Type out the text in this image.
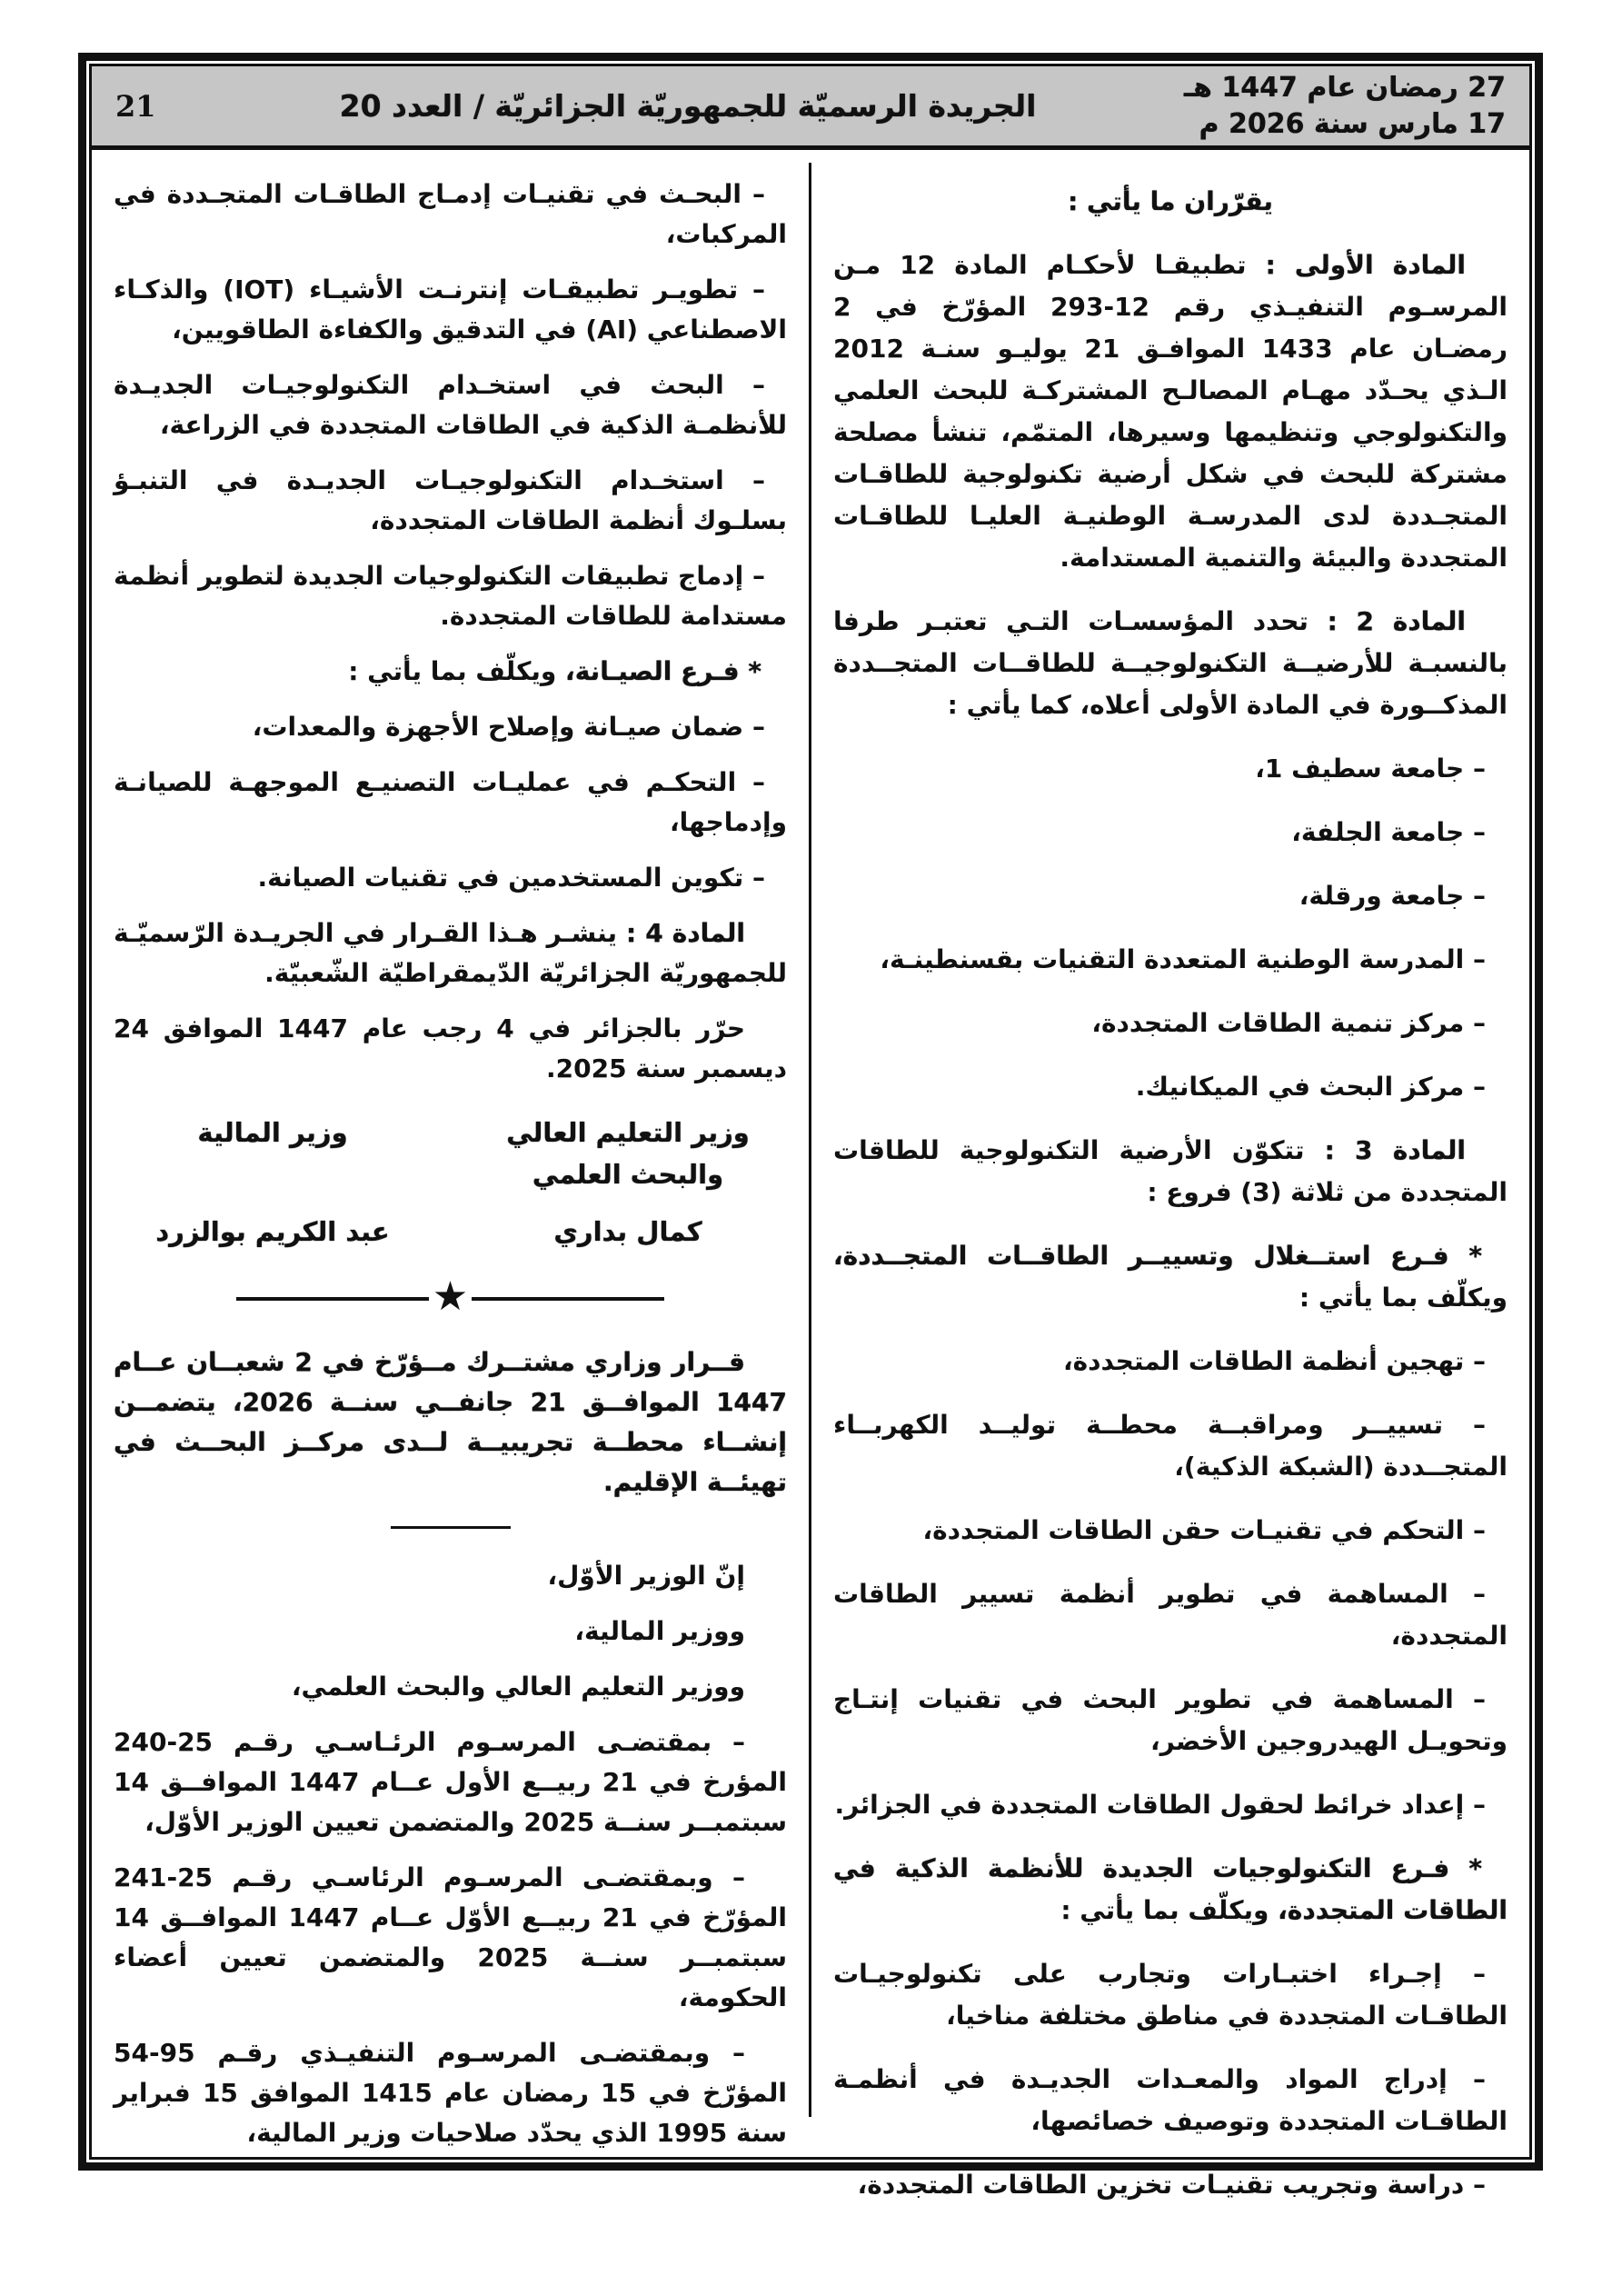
27 رمضان عام 1447 هـ
17 مارس سنة 2026 م
الجريدة الرسميّة للجمهوريّة الجزائريّة / العدد 20
21

يقرّران ما يأتي :

المادة الأولى : تطبيقـا لأحكـام المادة 12 مـن المرسـوم التنفيـذي رقم 12-293 المؤرّخ في 2 رمضـان عام 1433 الموافـق 21 يوليـو سنـة 2012 الـذي يحـدّد مهـام المصالـح المشتركـة للبحث العلمي والتكنولوجي وتنظيمها وسيرها، المتمّم، تنشأ مصلحة مشتركة للبحث في شكل أرضية تكنولوجية للطاقـات المتجـددة لدى المدرسـة الوطنيـة العليـا للطاقـات المتجددة والبيئة والتنمية المستدامة.

المادة 2 : تحدد المؤسسـات التـي تعتبـر طرفا بالنسبـة للأرضيــة التكنولوجيــة للطاقــات المتجــددة المذكــورة في المادة الأولى أعلاه، كما يأتي :

– جامعة سطيف 1،

– جامعة الجلفة،

– جامعة ورقلة،

– المدرسة الوطنية المتعددة التقنيات بقسنطينـة،

– مركز تنمية الطاقات المتجددة،

– مركز البحث في الميكانيك.

المادة 3 : تتكوّن الأرضية التكنولوجية للطاقات المتجددة من ثلاثة (3) فروع :

* فـرع استــغلال وتسييــر الطاقــات المتجــددة، ويكلّف بما يأتي :

– تهجين أنظمة الطاقات المتجددة،

– تسييــر ومراقبــة محطــة توليــد الكهربــاء المتجــددة (الشبكة الذكية)،

– التحكم في تقنيـات حقن الطاقات المتجددة،

– المساهمة في تطوير أنظمة تسيير الطاقات المتجددة،

– المساهمة في تطوير البحث في تقنيات إنتـاج وتحويـل الهيدروجين الأخضر،

– إعداد خرائط لحقول الطاقات المتجددة في الجزائر.

* فـرع التكنولوجيات الجديدة للأنظمة الذكية في الطاقات المتجددة، ويكلّف بما يأتي :

– إجـراء اختبـارات وتجارب على تكنولوجيـات الطاقـات المتجددة في مناطق مختلفة مناخيا،

– إدراج المواد والمعـدات الجديـدة في أنظمـة الطاقـات المتجددة وتوصيف خصائصها،

– دراسة وتجريب تقنيـات تخزين الطاقات المتجددة،

– البحـث في تقنيـات إدمـاج الطاقـات المتجـددة في المركبات،

– تطويـر تطبيقـات إنترنـت الأشيـاء (IOT) والذكـاء الاصطناعي (AI) في التدقيق والكفاءة الطاقويين،

– البحث في استخـدام التكنولوجيـات الجديـدة للأنظمـة الذكية في الطاقات المتجددة في الزراعة،

– استخـدام التكنولوجيـات الجديـدة في التنبـؤ بسلـوك أنظمة الطاقات المتجددة،

– إدماج تطبيقات التكنولوجيات الجديدة لتطوير أنظمة مستدامة للطاقات المتجددة.

* فـرع الصيـانة، ويكلّف بما يأتي :

– ضمان صيـانة وإصلاح الأجهزة والمعدات،

– التحكـم في عمليـات التصنيـع الموجهـة للصيانـة وإدماجها،

– تكوين المستخدمين في تقنيات الصيانة.

المادة 4 : ينشـر هـذا القـرار في الجريـدة الرّسميّـة للجمهوريّة الجزائريّة الدّيمقراطيّة الشّعبيّة.

حرّر بالجزائر في 4 رجب عام 1447 الموافق 24 ديسمبر سنة 2025.

وزير التعليم العالي والبحث العلمي
كمال بداري
وزير المالية
عبد الكريم بوالزرد
★

قــرار وزاري مشتــرك مــؤرّخ في 2 شعبــان عــام 1447 الموافــق 21 جانفــي سنــة 2026، يتضمــن إنشــاء محطــة تجريبيــة لــدى مركــز البحــث في تهيئــة الإقليم.

إنّ الوزير الأوّل،

ووزير المالية،

ووزير التعليم العالي والبحث العلمي،

– بمقتضـى المرسـوم الرئـاسـي رقـم 25-240 المؤرخ في 21 ربيــع الأول عــام 1447 الموافــق 14 سبتمبــر سنــة 2025 والمتضمن تعيين الوزير الأوّل،

– وبمقتضـى المرسـوم الرئاسـي رقـم 25-241 المؤرّخ في 21 ربيــع الأوّل عــام 1447 الموافــق 14 سبتمبــر سنــة 2025 والمتضمن تعيين أعضاء الحكومة،

– وبمقتضـى المرسـوم التنفيـذي رقـم 95-54 المؤرّخ في 15 رمضان عام 1415 الموافق 15 فبراير سنة 1995 الذي يحدّد صلاحيات وزير المالية،
